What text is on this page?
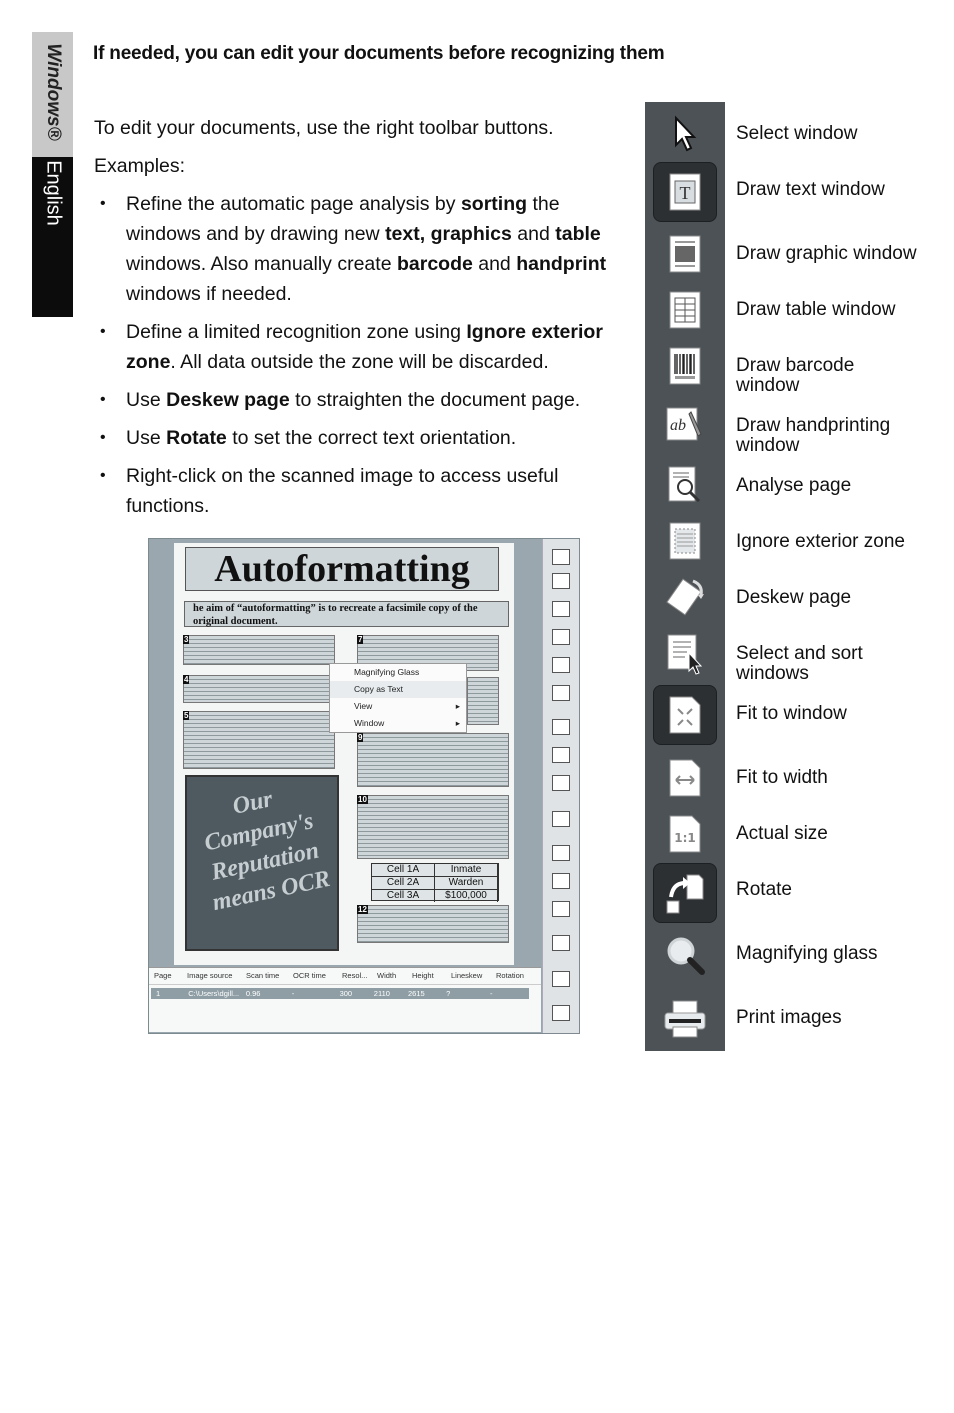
Windows®
English
If needed, you can edit your documents before recognizing them

To edit your documents, use the right toolbar buttons.

Examples:

• Refine the automatic page analysis by sorting the windows and by drawing new text, graphics and table windows. Also manually create barcode and handprint windows if needed.
• Define a limited recognition zone using Ignore exterior zone. All data outside the zone will be discarded.
• Use Deskew page to straighten the document page.
• Use Rotate to set the correct text orientation.
• Right-click on the scanned image to access useful functions.
Autoformatting
he aim of “autoformatting” is to recreate a facsimile copy of the original document.
3	7
4
5
9
10
12
Our Company's Reputation means OCR	Cell 1A	Inmate
Cell 2A	Warden
Cell 3A	$100,000
Magnifying Glass
Copy as Text
View	▸
Window	▸
Page	Image source	Scan time	OCR time	Resol...	Width	Height	Lineskew	Rotation
1	C:\Users\dgill... 0.96	-	300	2110	2615	?	-
T
ab
1:1
Select window
Draw text window
Draw graphic window
Draw table window
Draw barcode window
Draw handprinting window
Analyse page
Ignore exterior zone
Deskew page
Select and sort windows
Fit to window
Fit to width
Actual size
Rotate
Magnifying glass
Print images
